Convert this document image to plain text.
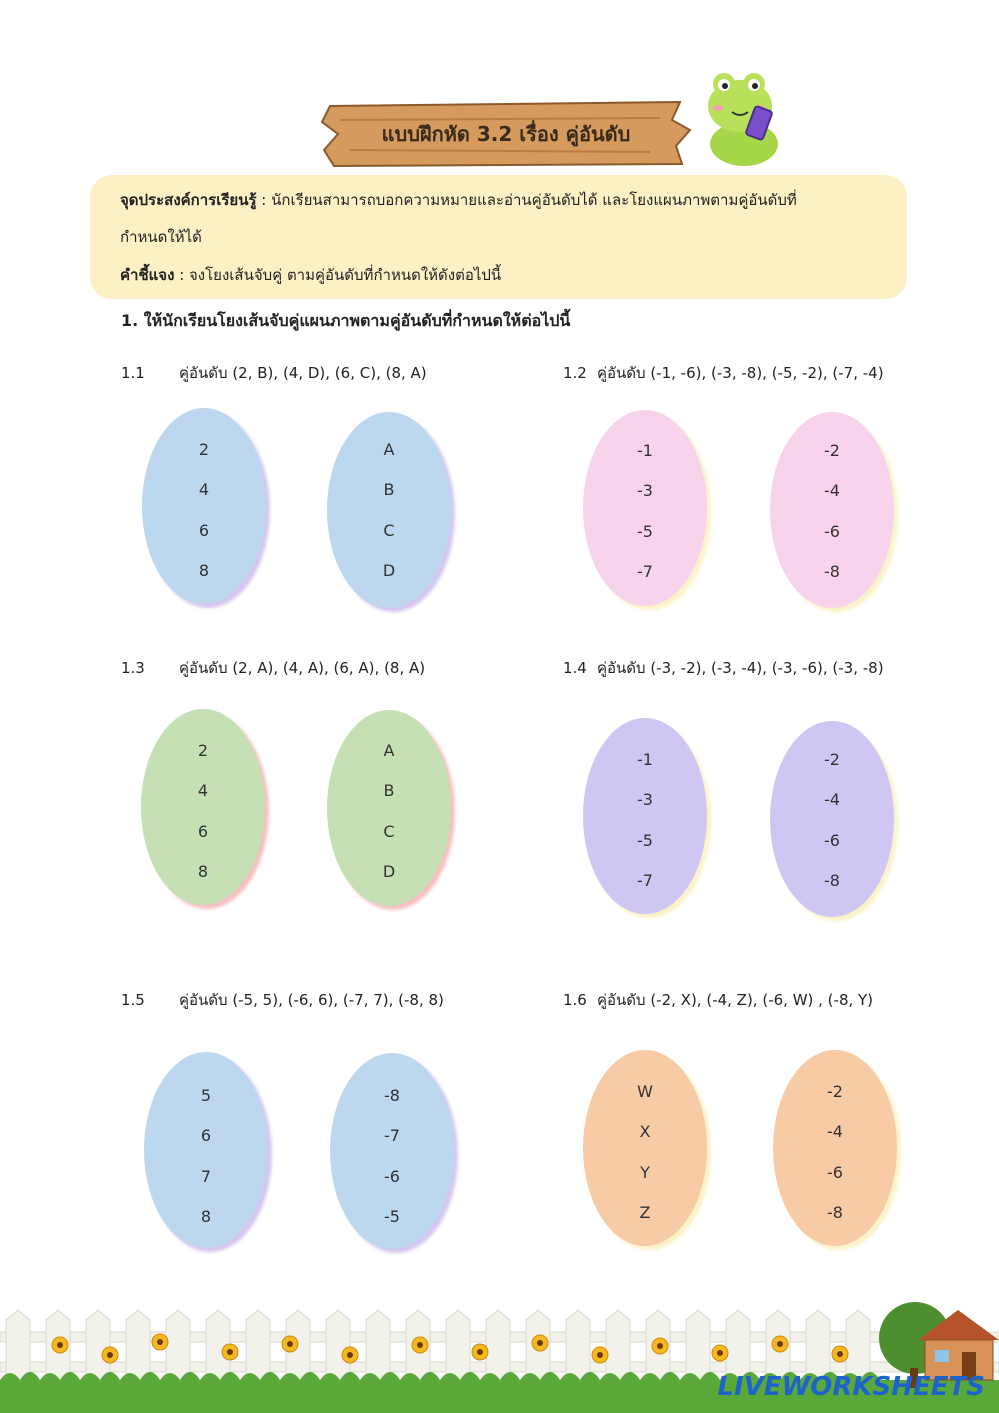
แบบฝึกหัด 3.2 เรื่อง คู่อันดับ
จุดประสงค์การเรียนรู้ : นักเรียนสามารถบอกความหมายและอ่านคู่อันดับได้ และโยงแผนภาพตามคู่อันดับที่
กำหนดให้ได้
คำชี้แจง : จงโยงเส้นจับคู่ ตามคู่อันดับที่กำหนดให้ดังต่อไปนี้
1. ให้นักเรียนโยงเส้นจับคู่แผนภาพตามคู่อันดับที่กำหนดให้ต่อไปนี้
1.1 คู่อันดับ (2, B), (4, D), (6, C), (8, A)
2
4
6
8
A
B
C
D
1.2 คู่อันดับ (-1, -6), (-3, -8), (-5, -2), (-7, -4)
-1
-3
-5
-7
-2
-4
-6
-8
1.3 คู่อันดับ (2, A), (4, A), (6, A), (8, A)
2
4
6
8
A
B
C
D
1.4 คู่อันดับ (-3, -2), (-3, -4), (-3, -6), (-3, -8)
-1
-3
-5
-7
-2
-4
-6
-8
1.5 คู่อันดับ (-5, 5), (-6, 6), (-7, 7), (-8, 8)
5
6
7
8
-8
-7
-6
-5
1.6 คู่อันดับ (-2, X), (-4, Z), (-6, W) , (-8, Y)
W
X
Y
Z
-2
-4
-6
-8
LIVEWORKSHEETS
